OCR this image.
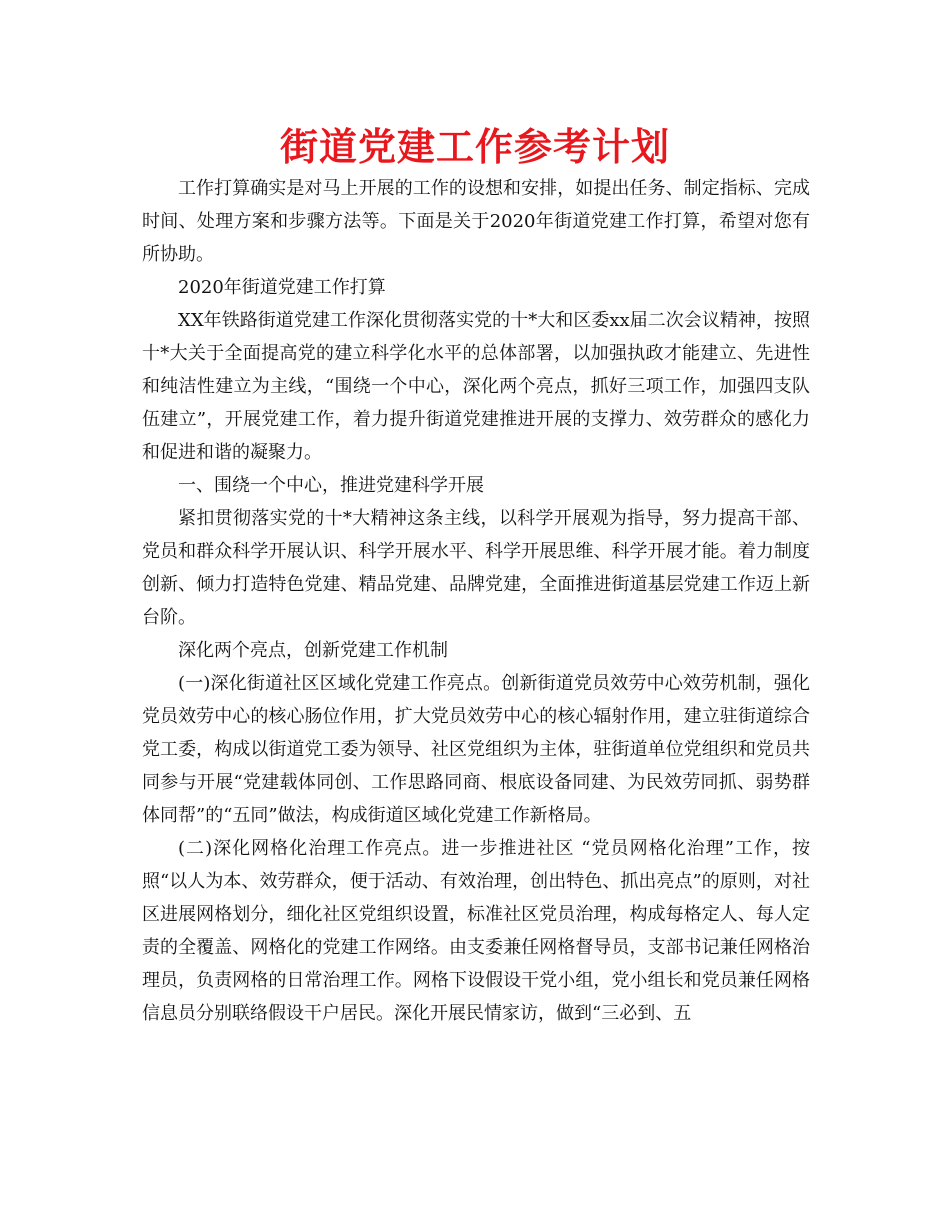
街道党建工作参考计划

工作打算确实是对马上开展的工作的设想和安排，如提出任务、制定指标、完成时间、处理方案和步骤方法等。下面是关于2020年街道党建工作打算，希望对您有所协助。

2020年街道党建工作打算

XX年铁路街道党建工作深化贯彻落实党的十*大和区委xx届二次会议精神，按照十*大关于全面提高党的建立科学化水平的总体部署，以加强执政才能建立、先进性和纯洁性建立为主线，“围绕一个中心，深化两个亮点，抓好三项工作，加强四支队伍建立”，开展党建工作，着力提升街道党建推进开展的支撑力、效劳群众的感化力和促进和谐的凝聚力。

一、围绕一个中心，推进党建科学开展

紧扣贯彻落实党的十*大精神这条主线，以科学开展观为指导，努力提高干部、党员和群众科学开展认识、科学开展水平、科学开展思维、科学开展才能。着力制度创新、倾力打造特色党建、精品党建、品牌党建，全面推进街道基层党建工作迈上新台阶。

深化两个亮点，创新党建工作机制

(一)深化街道社区区域化党建工作亮点。创新街道党员效劳中心效劳机制，强化党员效劳中心的核心肠位作用，扩大党员效劳中心的核心辐射作用，建立驻街道综合党工委，构成以街道党工委为领导、社区党组织为主体，驻街道单位党组织和党员共同参与开展“党建载体同创、工作思路同商、根底设备同建、为民效劳同抓、弱势群体同帮”的“五同”做法，构成街道区域化党建工作新格局。

(二)深化网格化治理工作亮点。进一步推进社区 “党员网格化治理”工作，按照“以人为本、效劳群众，便于活动、有效治理，创出特色、抓出亮点”的原则，对社区进展网格划分，细化社区党组织设置，标准社区党员治理，构成每格定人、每人定责的全覆盖、网格化的党建工作网络。由支委兼任网格督导员，支部书记兼任网格治理员，负责网格的日常治理工作。网格下设假设干党小组，党小组长和党员兼任网格信息员分别联络假设干户居民。深化开展民情家访，做到“三必到、五
